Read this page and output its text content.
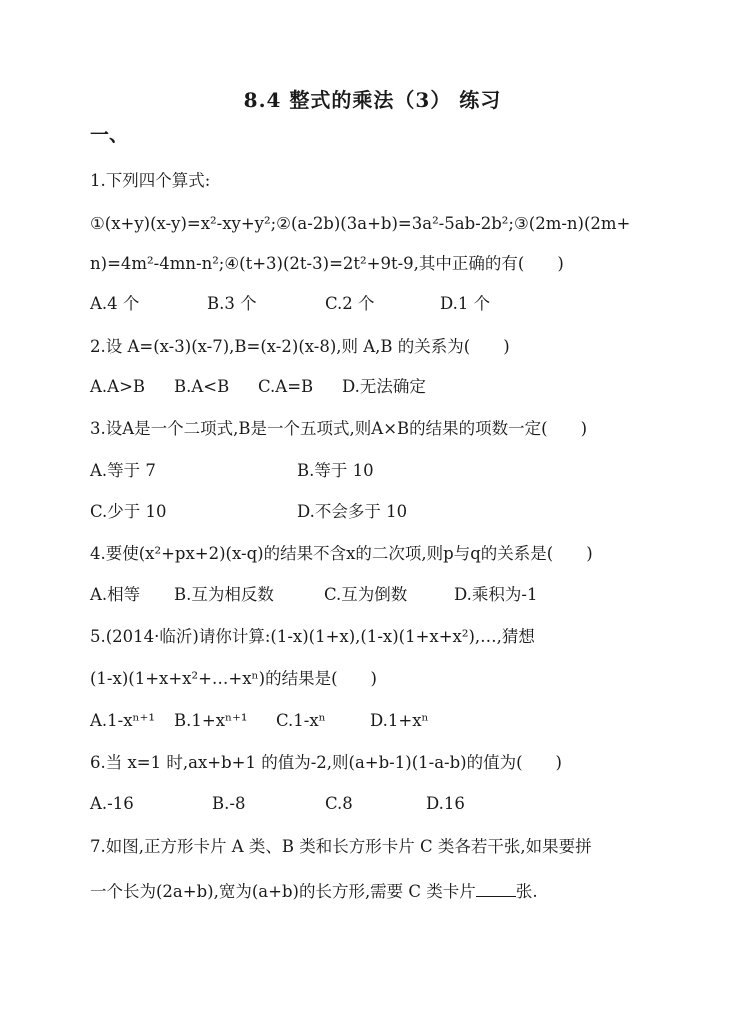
8.4 整式的乘法（3） 练习
一、
1.下列四个算式:
①(x+y)(x-y)=x²-xy+y²;②(a-2b)(3a+b)=3a²-5ab-2b²;③(2m-n)(2m+
n)=4m²-4mn-n²;④(t+3)(2t-3)=2t²+9t-9,其中正确的有(　　)
A.4 个	B.3 个	C.2 个	D.1 个
2.设 A=(x-3)(x-7),B=(x-2)(x-8),则 A,B 的关系为(　　)
A.A>B B.A<B C.A=B D.无法确定
3.设A是一个二项式,B是一个五项式,则A×B的结果的项数一定(　　)
A.等于 7	B.等于 10
C.少于 10	D.不会多于 10
4.要使(x²+px+2)(x-q)的结果不含x的二次项,则p与q的关系是(　　)
A.相等 B.互为相反数	C.互为倒数	D.乘积为-1
5.(2014·临沂)请你计算:(1-x)(1+x),(1-x)(1+x+x²),…,猜想
(1-x)(1+x+x²+…+xⁿ)的结果是(　　)
A.1-xⁿ⁺¹ B.1+xⁿ⁺¹ C.1-xⁿ	D.1+xⁿ
6.当 x=1 时,ax+b+1 的值为-2,则(a+b-1)(1-a-b)的值为(　　)
A.-16	B.-8	C.8	D.16
7.如图,正方形卡片 A 类、B 类和长方形卡片 C 类各若干张,如果要拼
一个长为(2a+b),宽为(a+b)的长方形,需要 C 类卡片 张.
